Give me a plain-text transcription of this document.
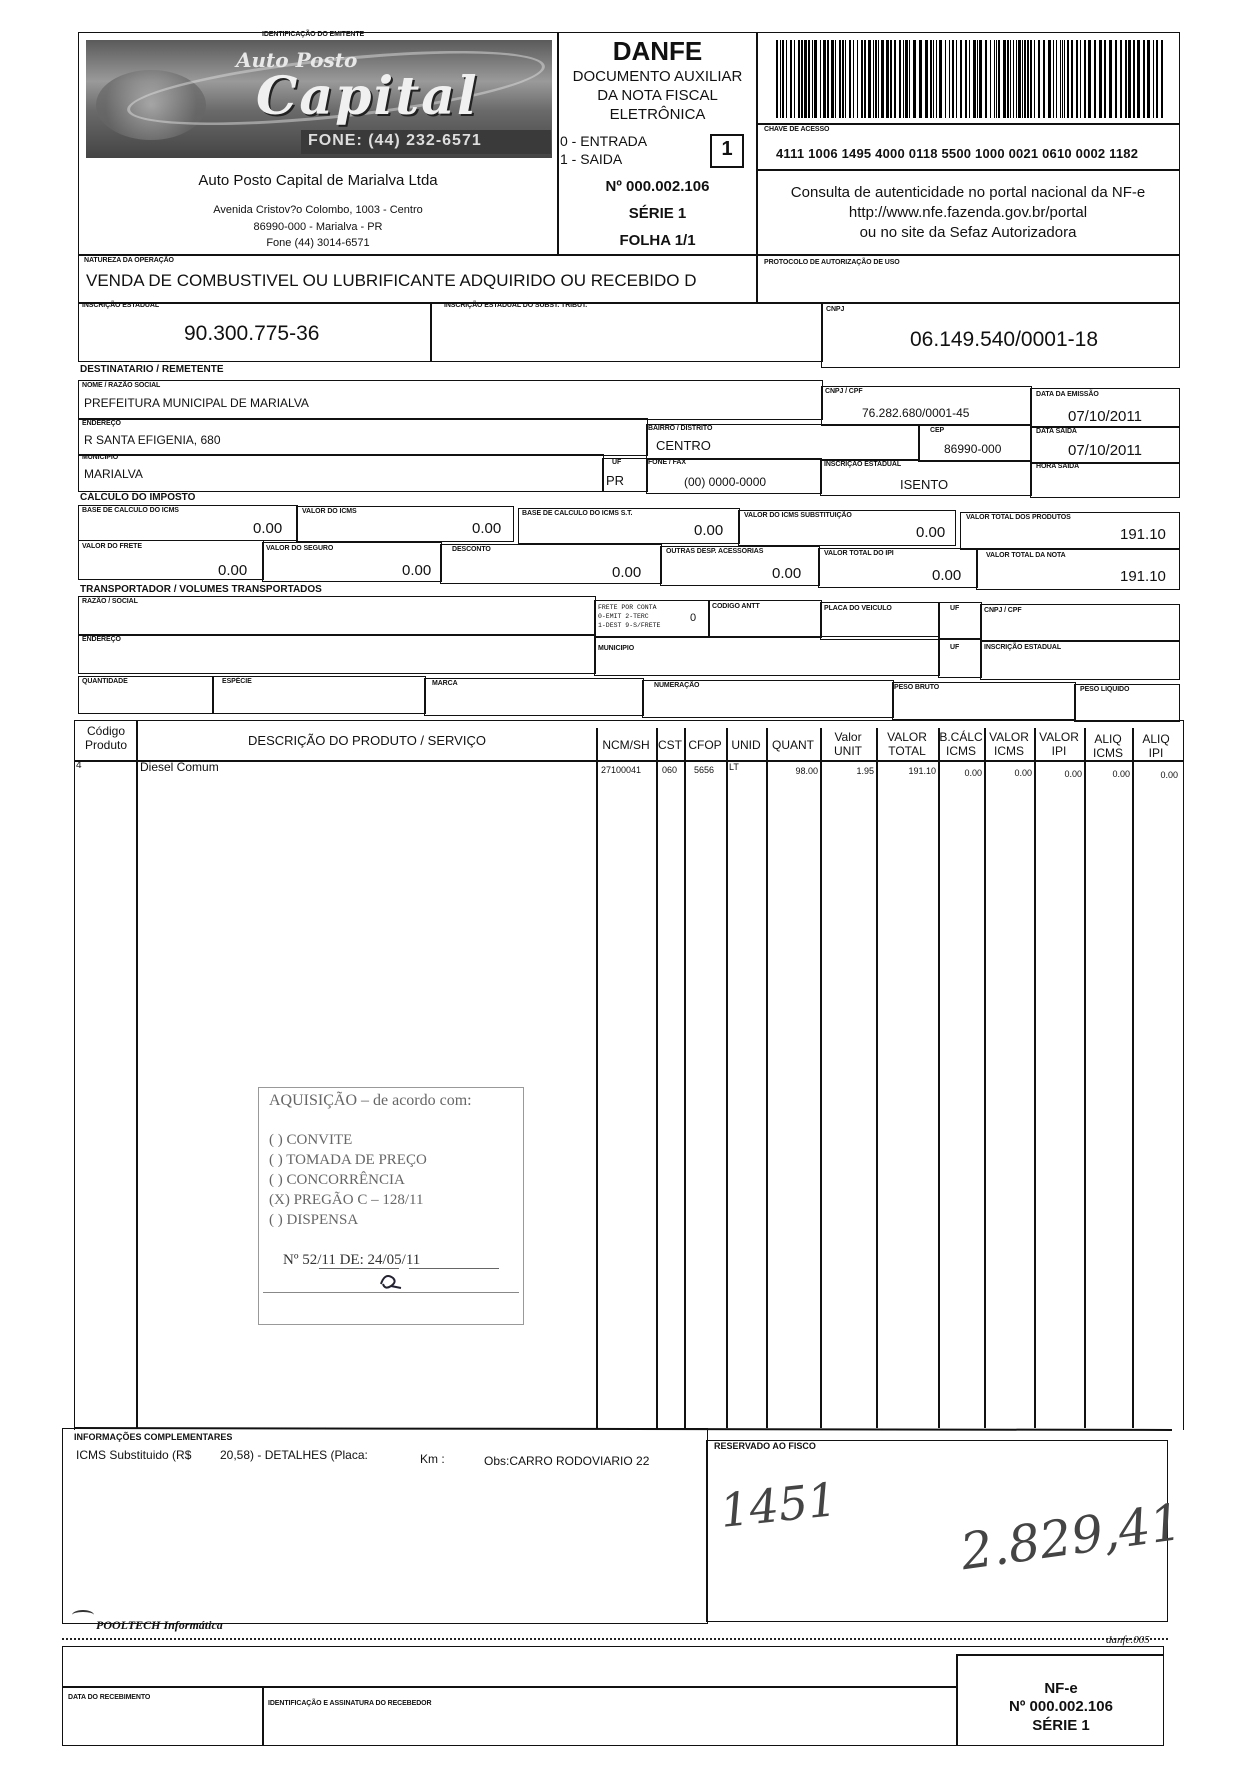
IDENTIFICAÇÃO DO EMITENTE
Auto Posto
Capital
FONE: (44) 232-6571
Auto Posto Capital de Marialva Ltda
Avenida Cristov?o Colombo, 1003 - Centro
86990-000 - Marialva - PR
Fone (44) 3014-6571
DANFE
DOCUMENTO AUXILIAR
DA NOTA FISCAL
ELETRÔNICA
0 - ENTRADA
1 - SAIDA	1
Nº 000.002.106
SÉRIE 1
FOLHA 1/1
CHAVE DE ACESSO
4111 1006 1495 4000 0118 5500 1000 0021 0610 0002 1182
Consulta de autenticidade no portal nacional da NF-e
http://www.nfe.fazenda.gov.br/portal
ou no site da Sefaz Autorizadora
NATUREZA DA OPERAÇÃO
VENDA DE COMBUSTIVEL OU LUBRIFICANTE ADQUIRIDO OU RECEBIDO D
PROTOCOLO DE AUTORIZAÇÃO DE USO
INSCRIÇÃO ESTADUAL
90.300.775-36
INSCRIÇÃO ESTADUAL DO SUBST. TRIBUT.
CNPJ
06.149.540/0001-18
DESTINATARIO / REMETENTE
NOME / RAZÃO SOCIAL
PREFEITURA MUNICIPAL DE MARIALVA
CNPJ / CPF
76.282.680/0001-45
DATA DA EMISSÃO
07/10/2011
ENDEREÇO
R SANTA EFIGENIA, 680
BAIRRO / DISTRITO
CENTRO
CEP
86990-000
DATA SAIDA
07/10/2011
MUNICIPIO
MARIALVA
UF
PR
FONE / FAX
(00) 0000-0000
INSCRIÇÃO ESTADUAL
ISENTO
HORA SAIDA
CÁLCULO DO IMPOSTO
BASE DE CALCULO DO ICMS
0.00
VALOR DO ICMS
0.00
BASE DE CALCULO DO ICMS S.T.
0.00
VALOR DO ICMS SUBSTITUIÇÃO
0.00
VALOR TOTAL DOS PRODUTOS
191.10
VALOR DO FRETE
0.00
VALOR DO SEGURO
0.00
DESCONTO
0.00
OUTRAS DESP. ACESSORIAS
0.00
VALOR TOTAL DO IPI
0.00
VALOR TOTAL DA NOTA
191.10
TRANSPORTADOR / VOLUMES TRANSPORTADOS
RAZÃO / SOCIAL
FRETE POR CONTA
0-EMIT 2-TERC
1-DEST 9-S/FRETE
0
CODIGO ANTT	PLACA DO VEICULO	UF	CNPJ / CPF
ENDEREÇO
MUNICIPIO	UF	INSCRIÇÃO ESTADUAL
QUANTIDADE	ESPÉCIE	MARCA	NUMERAÇÃO	PESO BRUTO	PESO LIQUIDO
Código
Produto	DESCRIÇÃO DO PRODUTO / SERVIÇO	NCM/SH CST CFOP UNID QUANT
Valor
UNIT
VALOR
TOTAL
B.CÁLC
ICMS
VALOR
ICMS
VALOR
IPI
ALIQ
ICMS
ALIQ
IPI
4	Diesel Comum	27100041 060 5656 LT	98.00	1.95	191.10	0.00	0.00	0.00	0.00	0.00
AQUISIÇÃO – de acordo com:
( ) CONVITE
( ) TOMADA DE PREÇO
( ) CONCORRÊNCIA
(X) PREGÃO C – 128/11
( ) DISPENSA
Nº 52/11 DE: 24/05/11
INFORMAÇÕES COMPLEMENTARES
ICMS Substituido (R$ 20,58) - DETALHES (Placa:	Km :	Obs:CARRO RODOVIARIO 22
RESERVADO AO FISCO
1451 2.829,41
POOLTECH Informática
danfe.005
DATA DO RECEBIMENTO
IDENTIFICAÇÃO E ASSINATURA DO RECEBEDOR
NF-e
Nº 000.002.106
SÉRIE 1
